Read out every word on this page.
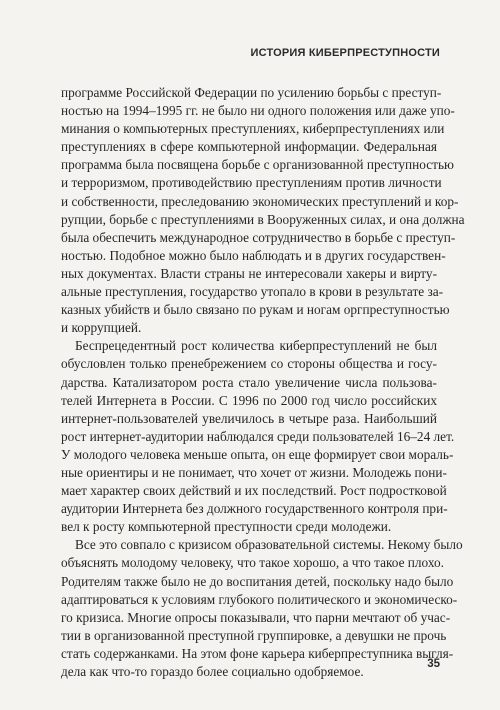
ИСТОРИЯ КИБЕРПРЕСТУПНОСТИ

программе Российской Федерации по усилению борьбы с преступ-
ностью на 1994–1995 гг. не было ни одного положения или даже упо-
минания о компьютерных преступлениях, киберпреступлениях или
преступлениях в сфере компьютерной информации. Федеральная
программа была посвящена борьбе с организованной преступностью
и терроризмом, противодействию преступлениям против личности
и собственности, преследованию экономических преступлений и кор-
рупции, борьбе с преступлениями в Вооруженных силах, и она должна
была обеспечить международное сотрудничество в борьбе с преступ-
ностью. Подобное можно было наблюдать и в других государствен-
ных документах. Власти страны не интересовали хакеры и вирту-
альные преступления, государство утопало в крови в результате за-
казных убийств и было связано по рукам и ногам оргпреступностью
и коррупцией.

Беспрецедентный рост количества киберпреступлений не был
обусловлен только пренебрежением со стороны общества и госу-
дарства. Катализатором роста стало увеличение числа пользова-
телей Интернета в России. С 1996 по 2000 год число российских
интернет-пользователей увеличилось в четыре раза. Наибольший
рост интернет-аудитории наблюдался среди пользователей 16–24 лет.
У молодого человека меньше опыта, он еще формирует свои мораль-
ные ориентиры и не понимает, что хочет от жизни. Молодежь пони-
мает характер своих действий и их последствий. Рост подростковой
аудитории Интернета без должного государственного контроля при-
вел к росту компьютерной преступности среди молодежи.

Все это совпало с кризисом образовательной системы. Некому было
объяснять молодому человеку, что такое хорошо, а что такое плохо.
Родителям также было не до воспитания детей, поскольку надо было
адаптироваться к условиям глубокого политического и экономическо-
го кризиса. Многие опросы показывали, что парни мечтают об учас-
тии в организованной преступной группировке, а девушки не прочь
стать содержанками. На этом фоне карьера киберпреступника выгля-
дела как что-то гораздо более социально одобряемое.	35
